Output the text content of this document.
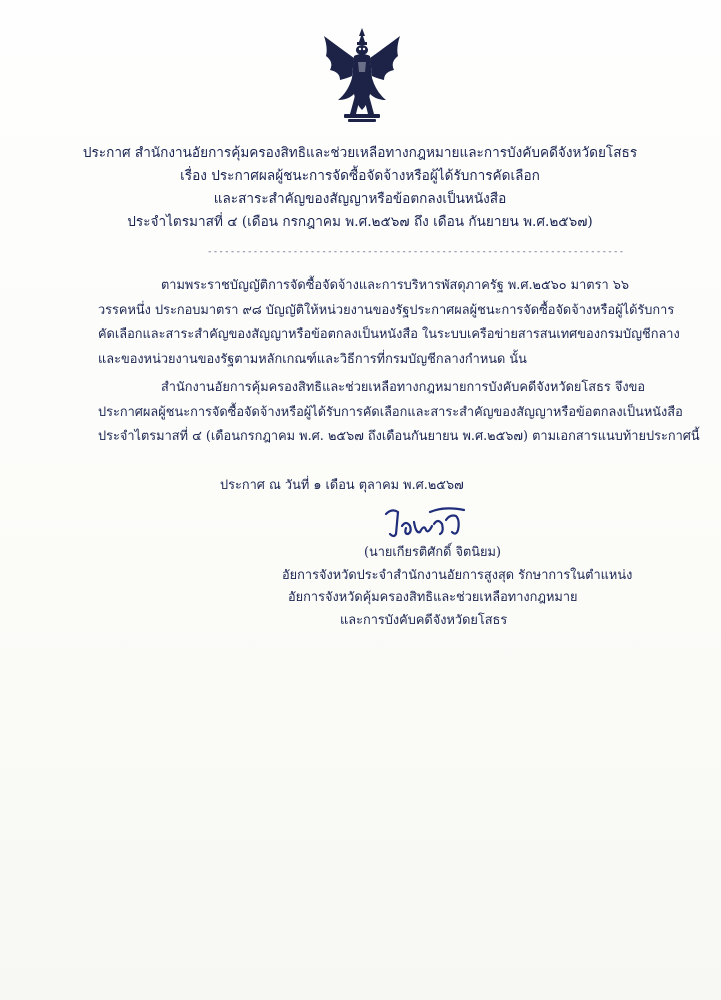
ประกาศ สำนักงานอัยการคุ้มครองสิทธิและช่วยเหลือทางกฎหมายและการบังคับคดีจังหวัดยโสธร
เรื่อง ประกาศผลผู้ชนะการจัดซื้อจัดจ้างหรือผู้ได้รับการคัดเลือก
และสาระสำคัญของสัญญาหรือข้อตกลงเป็นหนังสือ
ประจำไตรมาสที่ ๔ (เดือน กรกฎาคม พ.ศ.๒๕๖๗ ถึง เดือน กันยายน พ.ศ.๒๕๖๗)
-------------------------------------------------------------------------
ตามพระราชบัญญัติการจัดซื้อจัดจ้างและการบริหารพัสดุภาครัฐ พ.ศ.๒๕๖๐ มาตรา ๖๖
วรรคหนึ่ง ประกอบมาตรา ๙๘ บัญญัติให้หน่วยงานของรัฐประกาศผลผู้ชนะการจัดซื้อจัดจ้างหรือผู้ได้รับการ
คัดเลือกและสาระสำคัญของสัญญาหรือข้อตกลงเป็นหนังสือ ในระบบเครือข่ายสารสนเทศของกรมบัญชีกลาง
และของหน่วยงานของรัฐตามหลักเกณฑ์และวิธีการที่กรมบัญชีกลางกำหนด นั้น
สำนักงานอัยการคุ้มครองสิทธิและช่วยเหลือทางกฎหมายการบังคับคดีจังหวัดยโสธร จึงขอ
ประกาศผลผู้ชนะการจัดซื้อจัดจ้างหรือผู้ได้รับการคัดเลือกและสาระสำคัญของสัญญาหรือข้อตกลงเป็นหนังสือ
ประจำไตรมาสที่ ๔ (เดือนกรกฎาคม พ.ศ. ๒๕๖๗ ถึงเดือนกันยายน พ.ศ.๒๕๖๗) ตามเอกสารแนบท้ายประกาศนี้
ประกาศ ณ วันที่ ๑ เดือน ตุลาคม พ.ศ.๒๕๖๗
(นายเกียรติศักดิ์ จิตนิยม)
อัยการจังหวัดประจำสำนักงานอัยการสูงสุด รักษาการในตำแหน่ง
อัยการจังหวัดคุ้มครองสิทธิและช่วยเหลือทางกฎหมาย
และการบังคับคดีจังหวัดยโสธร
